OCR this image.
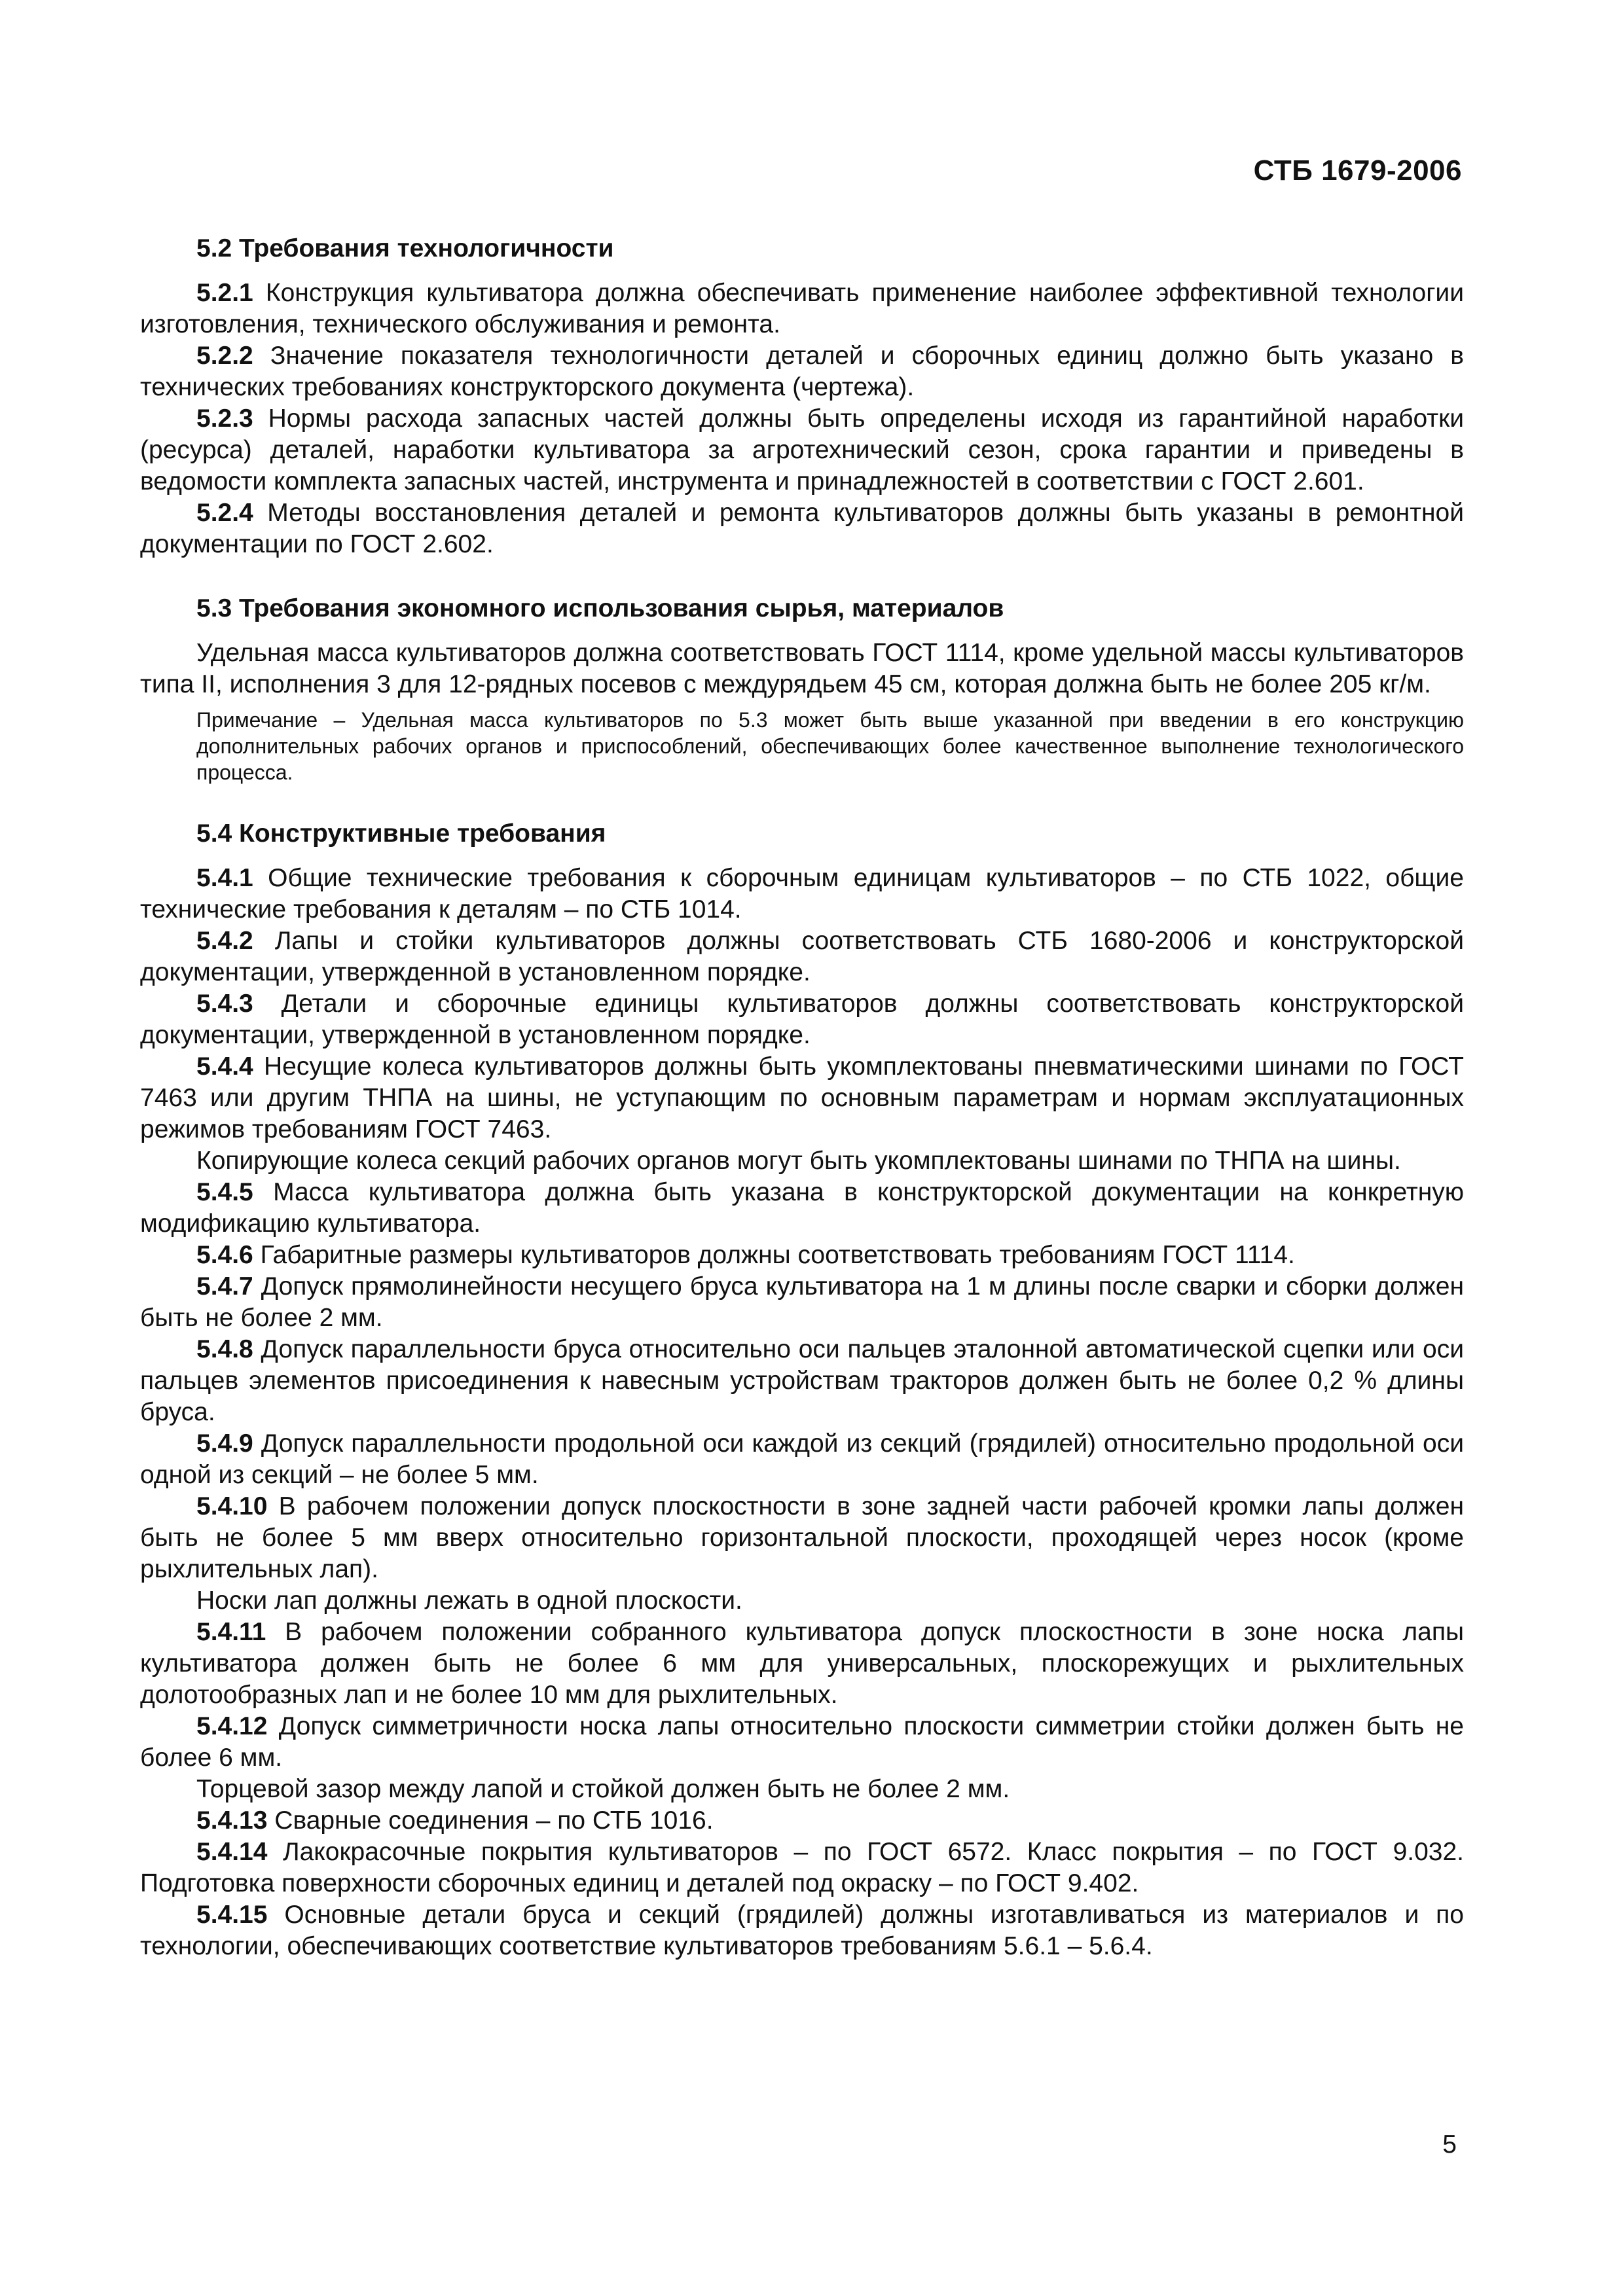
СТБ 1679-2006
5.2 Требования технологичности

5.2.1 Конструкция культиватора должна обеспечивать применение наиболее эффективной технологии изготовления, технического обслуживания и ремонта.

5.2.2 Значение показателя технологичности деталей и сборочных единиц должно быть указано в технических требованиях конструкторского документа (чертежа).

5.2.3 Нормы расхода запасных частей должны быть определены исходя из гарантийной наработки (ресурса) деталей, наработки культиватора за агротехнический сезон, срока гарантии и приведены в ведомости комплекта запасных частей, инструмента и принадлежностей в соответствии с ГОСТ 2.601.

5.2.4 Методы восстановления деталей и ремонта культиваторов должны быть указаны в ремонтной документации по ГОСТ 2.602.

5.3 Требования экономного использования сырья, материалов

Удельная масса культиваторов должна соответствовать ГОСТ 1114, кроме удельной массы культиваторов типа II, исполнения 3 для 12-рядных посевов с междурядьем 45 см, которая должна быть не более 205 кг/м.

Примечание – Удельная масса культиваторов по 5.3 может быть выше указанной при введении в его конструкцию дополнительных рабочих органов и приспособлений, обеспечивающих более качественное выполнение технологического процесса.
5.4 Конструктивные требования

5.4.1 Общие технические требования к сборочным единицам культиваторов – по СТБ 1022, общие технические требования к деталям – по СТБ 1014.

5.4.2 Лапы и стойки культиваторов должны соответствовать СТБ 1680-2006 и конструкторской документации, утвержденной в установленном порядке.

5.4.3 Детали и сборочные единицы культиваторов должны соответствовать конструкторской документации, утвержденной в установленном порядке.

5.4.4 Несущие колеса культиваторов должны быть укомплектованы пневматическими шинами по ГОСТ 7463 или другим ТНПА на шины, не уступающим по основным параметрам и нормам эксплуатационных режимов требованиям ГОСТ 7463.

Копирующие колеса секций рабочих органов могут быть укомплектованы шинами по ТНПА на шины.

5.4.5 Масса культиватора должна быть указана в конструкторской документации на конкретную модификацию культиватора.

5.4.6 Габаритные размеры культиваторов должны соответствовать требованиям ГОСТ 1114.

5.4.7 Допуск прямолинейности несущего бруса культиватора на 1 м длины после сварки и сборки должен быть не более 2 мм.

5.4.8 Допуск параллельности бруса относительно оси пальцев эталонной автоматической сцепки или оси пальцев элементов присоединения к навесным устройствам тракторов должен быть не более 0,2 % длины бруса.

5.4.9 Допуск параллельности продольной оси каждой из секций (грядилей) относительно продольной оси одной из секций – не более 5 мм.

5.4.10 В рабочем положении допуск плоскостности в зоне задней части рабочей кромки лапы должен быть не более 5 мм вверх относительно горизонтальной плоскости, проходящей через носок (кроме рыхлительных лап).

Носки лап должны лежать в одной плоскости.

5.4.11 В рабочем положении собранного культиватора допуск плоскостности в зоне носка лапы культиватора должен быть не более 6 мм для универсальных, плоскорежущих и рыхлительных долотообразных лап и не более 10 мм для рыхлительных.

5.4.12 Допуск симметричности носка лапы относительно плоскости симметрии стойки должен быть не более 6 мм.

Торцевой зазор между лапой и стойкой должен быть не более 2 мм.

5.4.13 Сварные соединения – по СТБ 1016.

5.4.14 Лакокрасочные покрытия культиваторов – по ГОСТ 6572. Класс покрытия – по ГОСТ 9.032. Подготовка поверхности сборочных единиц и деталей под окраску – по ГОСТ 9.402.

5.4.15 Основные детали бруса и секций (грядилей) должны изготавливаться из материалов и по технологии, обеспечивающих соответствие культиваторов требованиям 5.6.1 – 5.6.4.

5
